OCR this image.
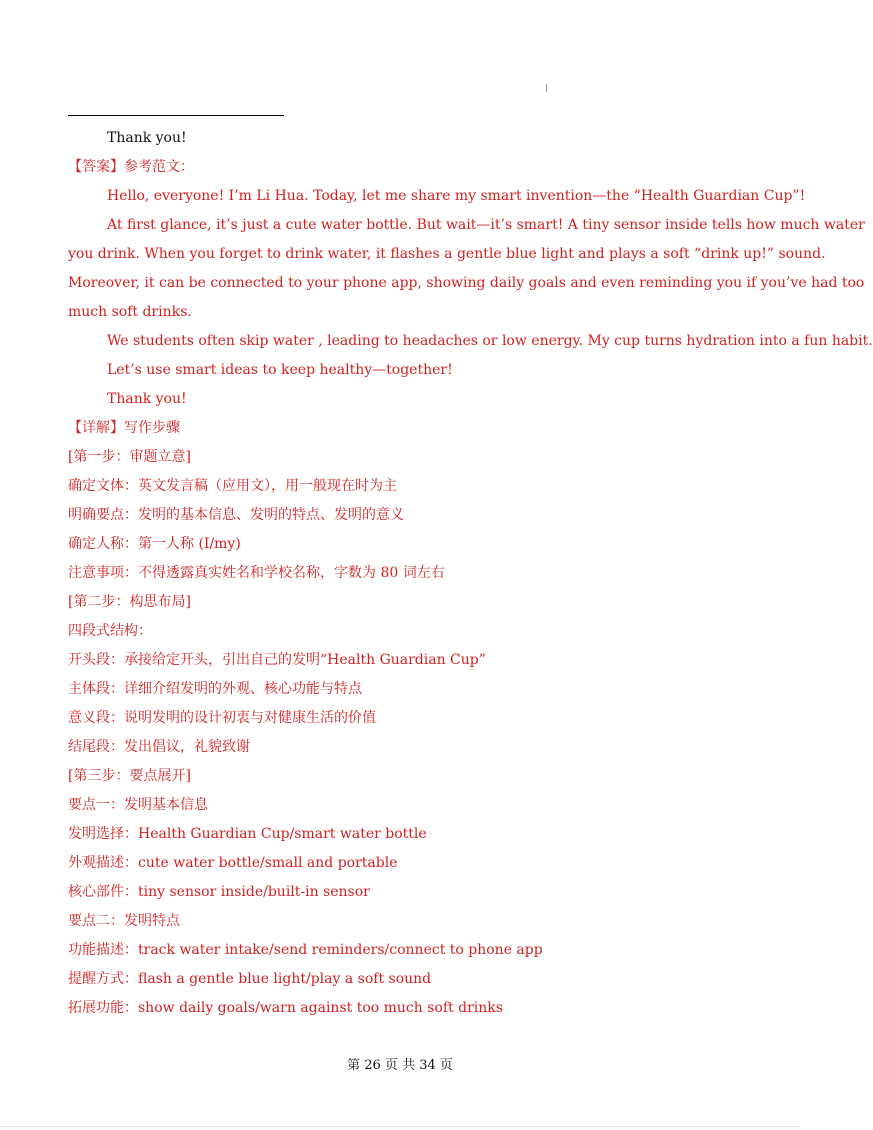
Thank you!
【答案】参考范文：
Hello, everyone! I’m Li Hua. Today, let me share my smart invention—the “Health Guardian Cup”!
At first glance, it’s just a cute water bottle. But wait—it’s smart! A tiny sensor inside tells how much water
you drink. When you forget to drink water, it flashes a gentle blue light and plays a soft “drink up!” sound.
Moreover, it can be connected to your phone app, showing daily goals and even reminding you if you’ve had too
much soft drinks.
We students often skip water , leading to headaches or low energy. My cup turns hydration into a fun habit.
Let’s use smart ideas to keep healthy—together!
Thank you!
【详解】写作步骤
[第一步：审题立意]
确定文体：英文发言稿（应用文），用一般现在时为主
明确要点：发明的基本信息、发明的特点、发明的意义
确定人称：第一人称 (I/my)
注意事项：不得透露真实姓名和学校名称，字数为 80 词左右
[第二步：构思布局]
四段式结构：
开头段：承接给定开头，引出自己的发明“Health Guardian Cup”
主体段：详细介绍发明的外观、核心功能与特点
意义段：说明发明的设计初衷与对健康生活的价值
结尾段：发出倡议，礼貌致谢
[第三步：要点展开]
要点一：发明基本信息
发明选择：Health Guardian Cup/smart water bottle
外观描述：cute water bottle/small and portable
核心部件：tiny sensor inside/built-in sensor
要点二：发明特点
功能描述：track water intake/send reminders/connect to phone app
提醒方式：flash a gentle blue light/play a soft sound
拓展功能：show daily goals/warn against too much soft drinks
第 26 页 共 34 页
